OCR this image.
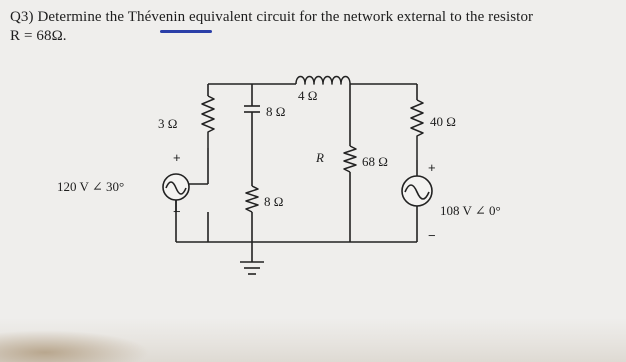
Q3) Determine the Thévenin equivalent circuit for the network external to the resistor
R = 68Ω.
3 Ω
4 Ω
8 Ω
8 Ω
R	68 Ω
40 Ω
120 V ∠ 30°
108 V ∠ 0°
+
−
+
−
